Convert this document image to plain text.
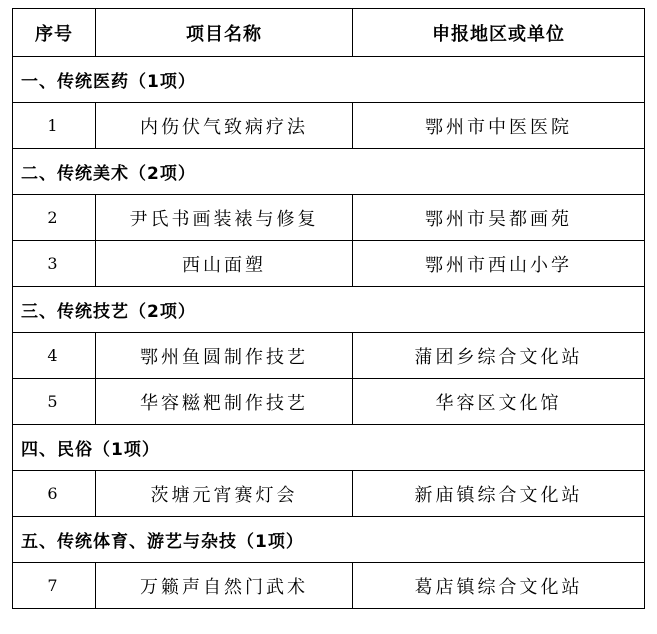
序号	项目名称	申报地区或单位
一、传统医药（1项）		
1	内伤伏气致病疗法	鄂州市中医医院
二、传统美术（2项）		
2	尹氏书画装裱与修复	鄂州市吴都画苑
3	西山面塑	鄂州市西山小学
三、传统技艺（2项）		
4	鄂州鱼圆制作技艺	蒲团乡综合文化站
5	华容糍粑制作技艺	华容区文化馆
四、民俗（1项）		
6	茨塘元宵赛灯会	新庙镇综合文化站
五、传统体育、游艺与杂技（1项）		
7	万籁声自然门武术	葛店镇综合文化站
